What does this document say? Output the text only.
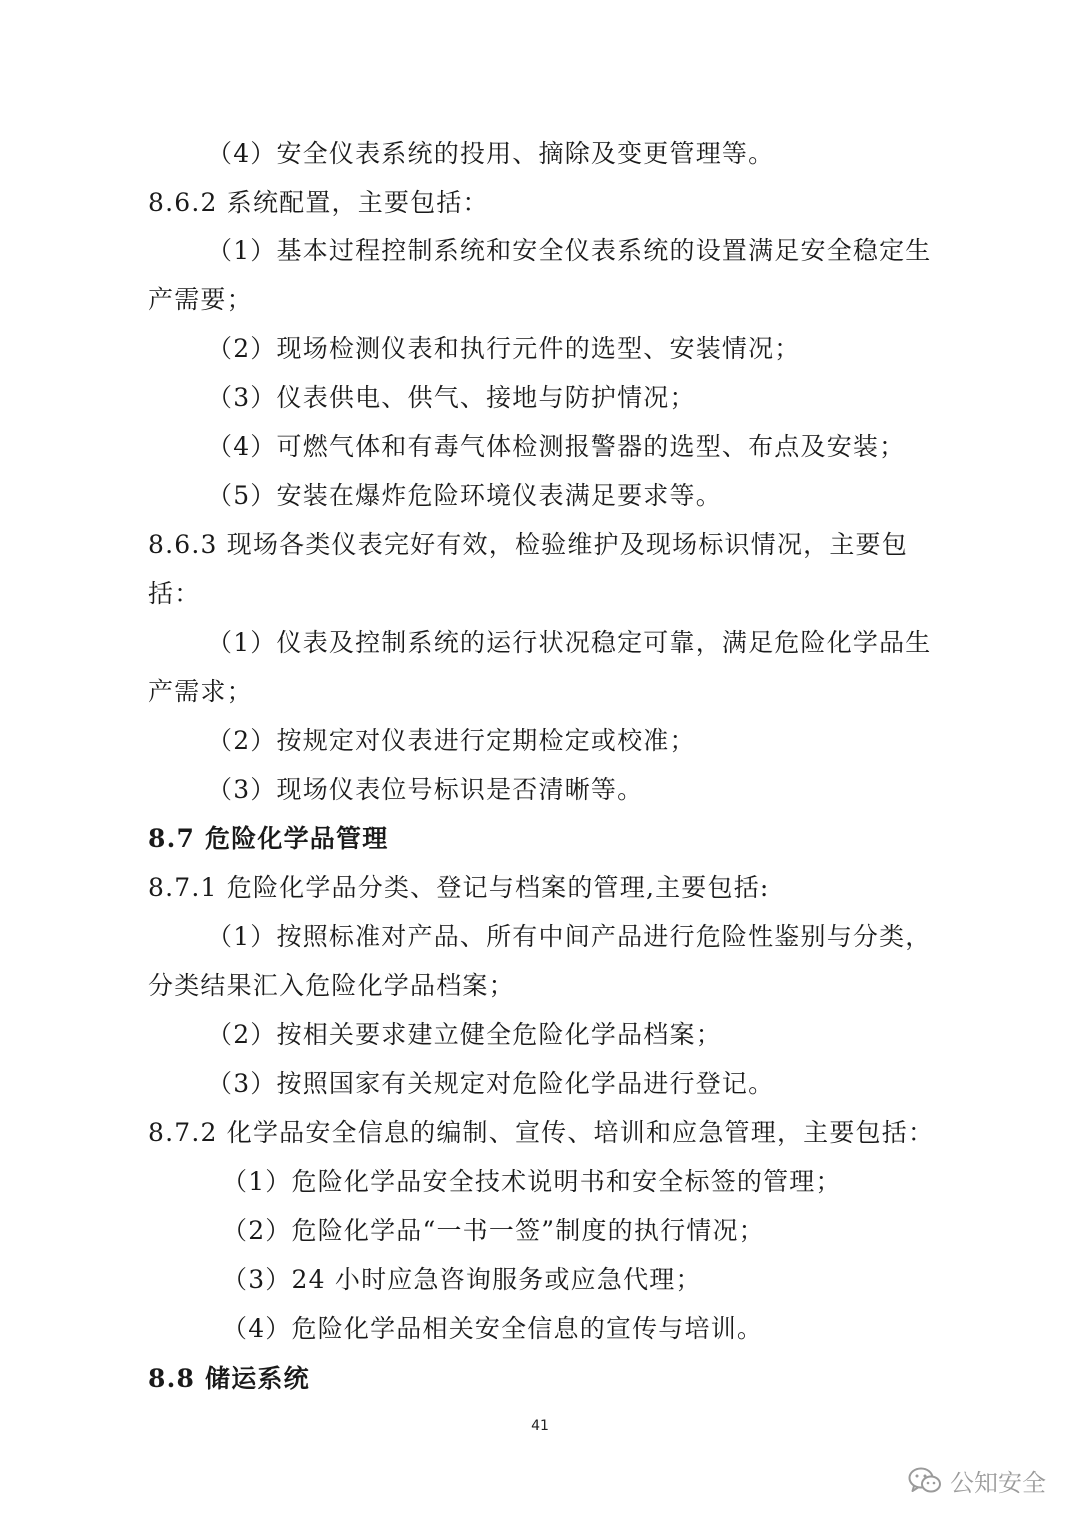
（4）安全仪表系统的投用、摘除及变更管理等。
8.6.2 系统配置，主要包括：
（1）基本过程控制系统和安全仪表系统的设置满足安全稳定生
产需要；
（2）现场检测仪表和执行元件的选型、安装情况；
（3）仪表供电、供气、接地与防护情况；
（4）可燃气体和有毒气体检测报警器的选型、布点及安装；
（5）安装在爆炸危险环境仪表满足要求等。
8.6.3 现场各类仪表完好有效，检验维护及现场标识情况，主要包
括：
（1）仪表及控制系统的运行状况稳定可靠，满足危险化学品生
产需求；
（2）按规定对仪表进行定期检定或校准；
（3）现场仪表位号标识是否清晰等。
8.7 危险化学品管理
8.7.1 危险化学品分类、登记与档案的管理,主要包括:
（1）按照标准对产品、所有中间产品进行危险性鉴别与分类，
分类结果汇入危险化学品档案；
（2）按相关要求建立健全危险化学品档案；
（3）按照国家有关规定对危险化学品进行登记。
8.7.2 化学品安全信息的编制、宣传、培训和应急管理，主要包括：
（1）危险化学品安全技术说明书和安全标签的管理；
（2）危险化学品“一书一签”制度的执行情况；
（3）24 小时应急咨询服务或应急代理；
（4）危险化学品相关安全信息的宣传与培训。
8.8 储运系统
41
公知安全
